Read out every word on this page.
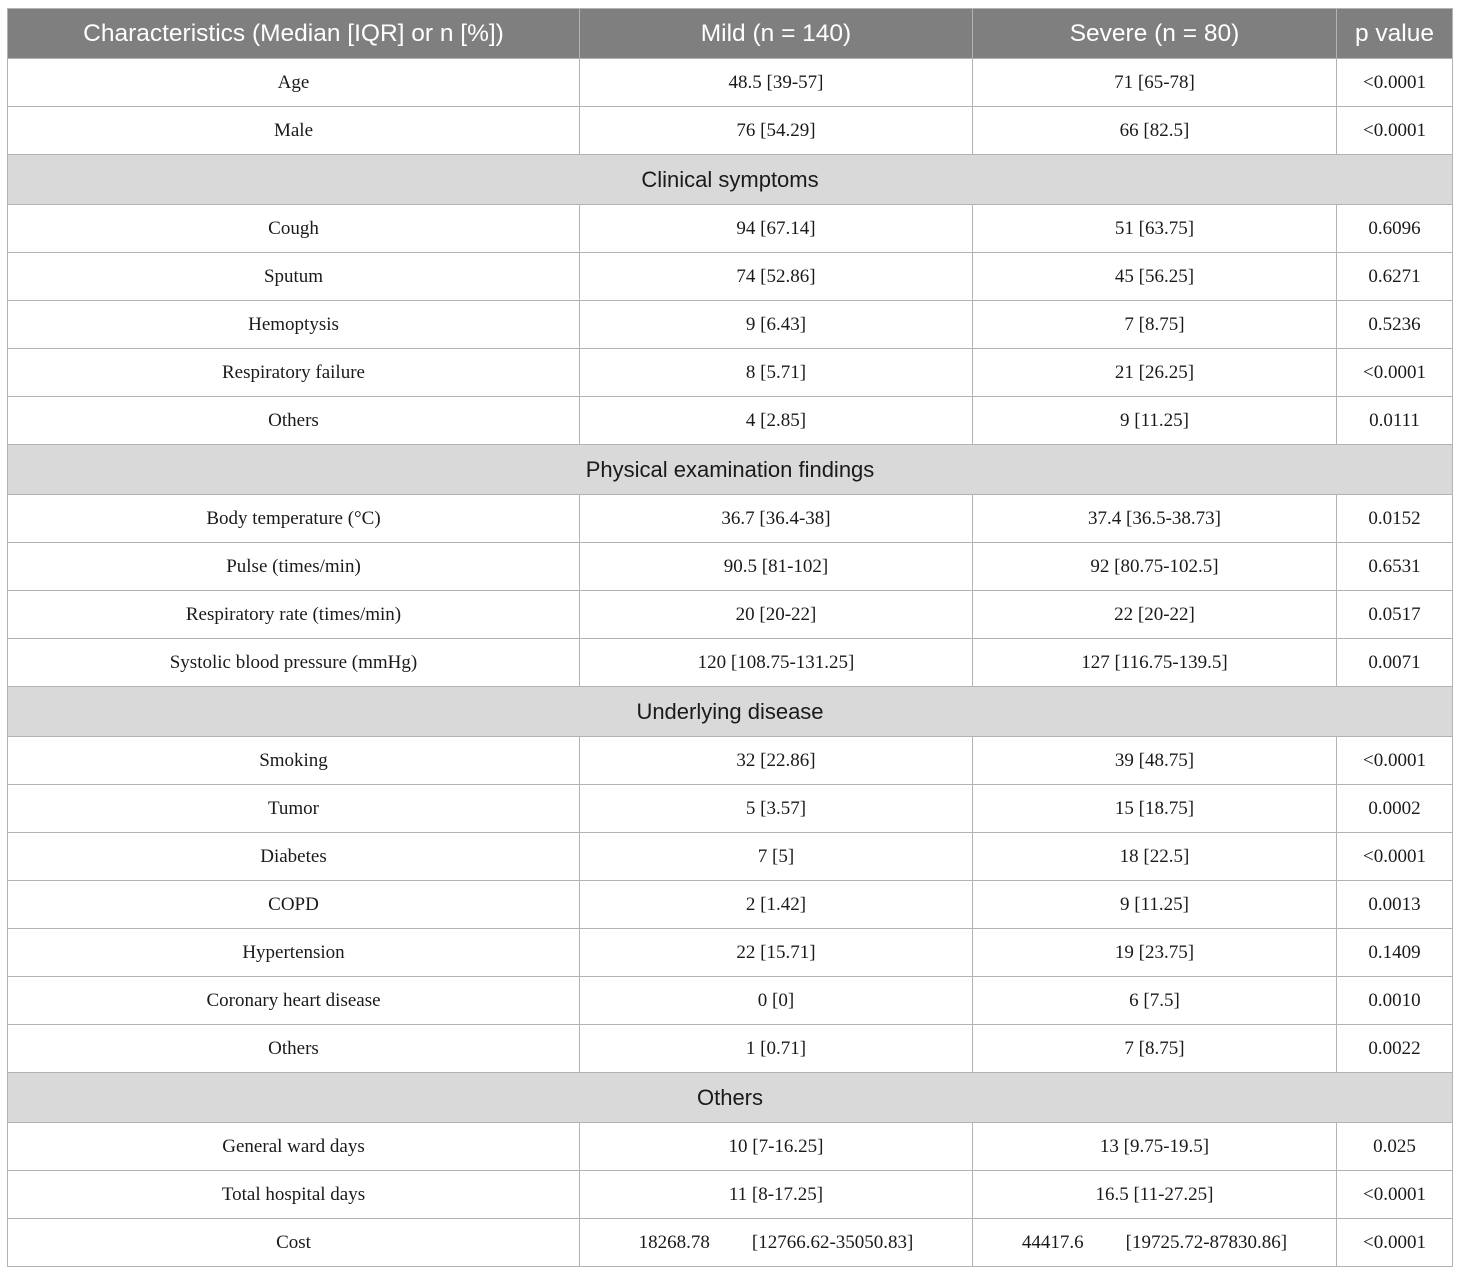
Characteristics (Median [IQR] or n [%])	Mild (n = 140)	Severe (n = 80)	p value
Age	48.5 [39-57]	71 [65-78]	<0.0001
Male	76 [54.29]	66 [82.5]	<0.0001
Clinical symptoms			
Cough	94 [67.14]	51 [63.75]	0.6096
Sputum	74 [52.86]	45 [56.25]	0.6271
Hemoptysis	9 [6.43]	7 [8.75]	0.5236
Respiratory failure	8 [5.71]	21 [26.25]	<0.0001
Others	4 [2.85]	9 [11.25]	0.0111
Physical examination findings			
Body temperature (°C)	36.7 [36.4-38]	37.4 [36.5-38.73]	0.0152
Pulse (times/min)	90.5 [81-102]	92 [80.75-102.5]	0.6531
Respiratory rate (times/min)	20 [20-22]	22 [20-22]	0.0517
Systolic blood pressure (mmHg)	120 [108.75-131.25]	127 [116.75-139.5]	0.0071
Underlying disease			
Smoking	32 [22.86]	39 [48.75]	<0.0001
Tumor	5 [3.57]	15 [18.75]	0.0002
Diabetes	7 [5]	18 [22.5]	<0.0001
COPD	2 [1.42]	9 [11.25]	0.0013
Hypertension	22 [15.71]	19 [23.75]	0.1409
Coronary heart disease	0 [0]	6 [7.5]	0.0010
Others	1 [0.71]	7 [8.75]	0.0022
Others			
General ward days	10 [7-16.25]	13 [9.75-19.5]	0.025
Total hospital days	11 [8-17.25]	16.5 [11-27.25]	<0.0001
Cost	18268.78 [12766.62-35050.83]	44417.6 [19725.72-87830.86]	<0.0001
